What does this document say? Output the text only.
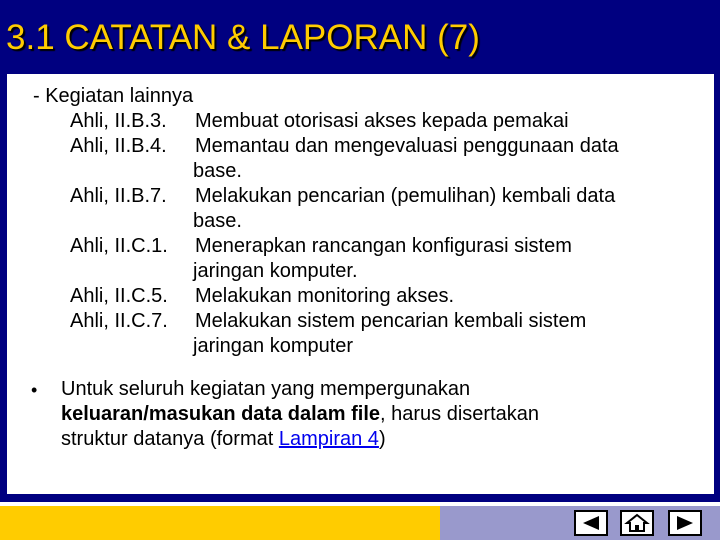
3.1 CATATAN & LAPORAN (7)
- Kegiatan lainnya
Ahli, II.B.3. Membuat otorisasi akses kepada pemakai
Ahli, II.B.4. Memantau dan mengevaluasi penggunaan data
base.
Ahli, II.B.7. Melakukan pencarian (pemulihan) kembali data
base.
Ahli, II.C.1. Menerapkan rancangan konfigurasi sistem
jaringan komputer.
Ahli, II.C.5. Melakukan monitoring akses.
Ahli, II.C.7. Melakukan sistem pencarian kembali sistem
jaringan komputer
• Untuk seluruh kegiatan yang mempergunakan
keluaran/masukan data dalam file, harus disertakan
struktur datanya (format Lampiran 4)
